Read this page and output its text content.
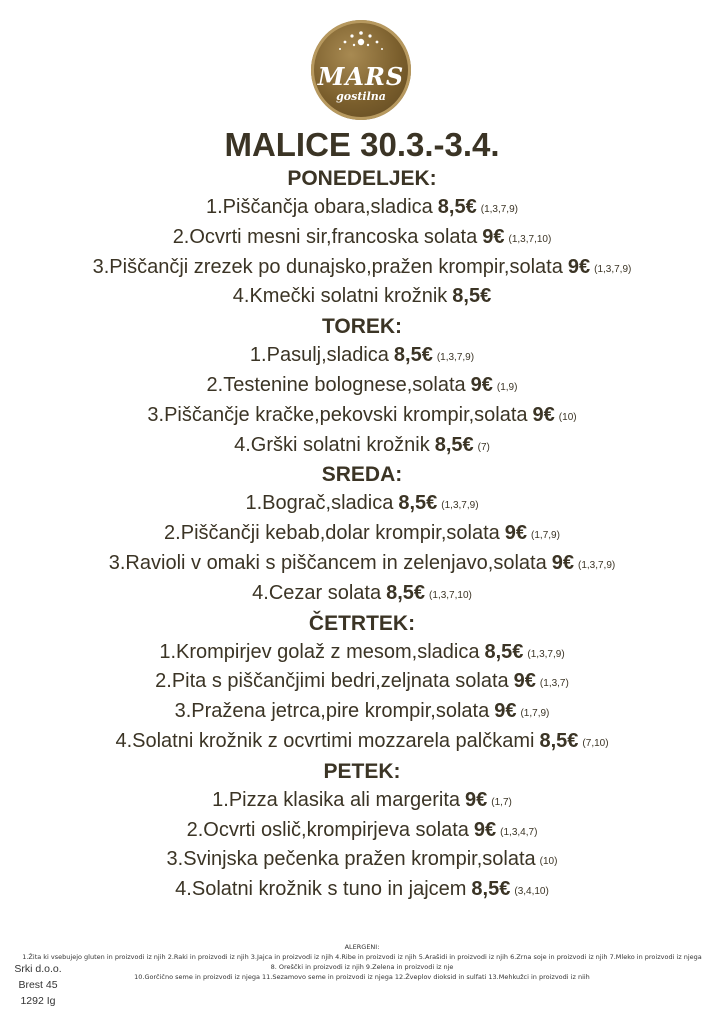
MARS
gostilna
MALICE 30.3.-3.4.
PONEDELJEK:
1.Piščančja obara,sladica 8,5€ (1,3,7,9)
2.Ocvrti mesni sir,francoska solata 9€ (1,3,7,10)
3.Piščančji zrezek po dunajsko,pražen krompir,solata 9€ (1,3,7,9)
4.Kmečki solatni krožnik 8,5€
TOREK:
1.Pasulj,sladica 8,5€ (1,3,7,9)
2.Testenine bolognese,solata 9€ (1,9)
3.Piščančje kračke,pekovski krompir,solata 9€ (10)
4.Grški solatni krožnik 8,5€ (7)
SREDA:
1.Bograč,sladica 8,5€ (1,3,7,9)
2.Piščančji kebab,dolar krompir,solata 9€ (1,7,9)
3.Ravioli v omaki s piščancem in zelenjavo,solata 9€ (1,3,7,9)
4.Cezar solata 8,5€ (1,3,7,10)
ČETRTEK:
1.Krompirjev golaž z mesom,sladica 8,5€ (1,3,7,9)
2.Pita s piščančjimi bedri,zeljnata solata 9€ (1,3,7)
3.Pražena jetrca,pire krompir,solata 9€ (1,7,9)
4.Solatni krožnik z ocvrtimi mozzarela palčkami 8,5€ (7,10)
PETEK:
1.Pizza klasika ali margerita 9€ (1,7)
2.Ocvrti oslič,krompirjeva solata 9€ (1,3,4,7)
3.Svinjska pečenka pražen krompir,solata (10)
4.Solatni krožnik s tuno in jajcem 8,5€ (3,4,10)
ALERGENI:
1.Žita ki vsebujejo gluten in proizvodi iz njih 2.Raki in proizvodi iz njih 3.Jajca in proizvodi iz njih 4.Ribe in proizvodi iz njih 5.Arašidi in proizvodi iz njih 6.Zrna soje in proizvodi iz njih 7.Mleko in proizvodi iz njega
8. Oreščki in proizvodi iz njih 9.Zelena in proizvodi iz nje
10.Gorčično seme in proizvodi iz njega 11.Sezamovo seme in proizvodi iz njega 12.Žveplov dioksid in sulfati 13.Mehkužci in proizvodi iz niih
Srki d.o.o.
Brest 45
1292 Ig
